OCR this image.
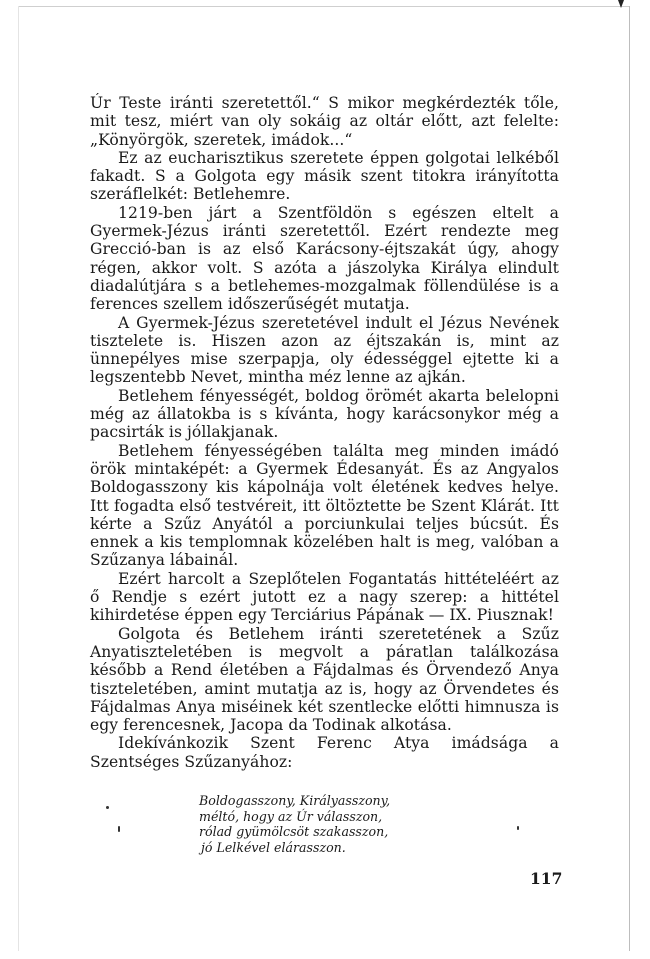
Úr Teste iránti szeretettől.“ S mikor megkérdezték tőle, mit tesz, miért van oly sokáig az oltár előtt, azt felelte: „Könyörgök, szeretek, imádok...“

Ez az eucharisztikus szeretete éppen golgotai lelkéből fakadt. S a Golgota egy másik szent titokra irányította szeráflelkét: Betlehemre.

1219-ben járt a Szentföldön s egészen eltelt a Gyermek-Jézus iránti szeretettől. Ezért rendezte meg Grecció-ban is az első Karácsony-éjtszakát úgy, ahogy régen, akkor volt. S azóta a jászolyka Királya elindult diadalútjára s a betlehemes-mozgalmak föllendülése is a ferences szellem időszerűségét mutatja.

A Gyermek-Jézus szeretetével indult el Jézus Nevének tisztelete is. Hiszen azon az éjtszakán is, mint az ünnepélyes mise szerpapja, oly édességgel ejtette ki a legszentebb Nevet, mintha méz lenne az ajkán.

Betlehem fényességét, boldog örömét akarta belelopni még az állatokba is s kívánta, hogy karácsonykor még a pacsirták is jóllakjanak.

Betlehem fényességében találta meg minden imádó örök mintaképét: a Gyermek Édesanyát. És az Angyalos Boldogasszony kis kápolnája volt életének kedves helye. Itt fogadta első testvéreit, itt öltöztette be Szent Klárát. Itt kérte a Szűz Anyától a porciunkulai teljes búcsút. És ennek a kis templomnak közelében halt is meg, valóban a Szűzanya lábainál.

Ezért harcolt a Szeplőtelen Fogantatás hittételéért az ő Rendje s ezért jutott ez a nagy szerep: a hittétel kihirdetése éppen egy Terciárius Pápának — IX. Piusznak!

Golgota és Betlehem iránti szeretetének a Szűz Anyatiszteletében is megvolt a páratlan találkozása később a Rend életében a Fájdalmas és Örvendező Anya tiszteletében, amint mutatja az is, hogy az Örvendetes és Fájdalmas Anya miséinek két szentlecke előtti himnusza is egy ferencesnek, Jacopa da Todinak alkotása.

Idekívánkozik Szent Ferenc Atya imádsága a Szentséges Szűzanyához:

Boldogasszony, Királyasszony,
méltó, hogy az Úr válasszon,
rólad gyümölcsöt szakasszon,
jó Lelkével elárasszon.
117
